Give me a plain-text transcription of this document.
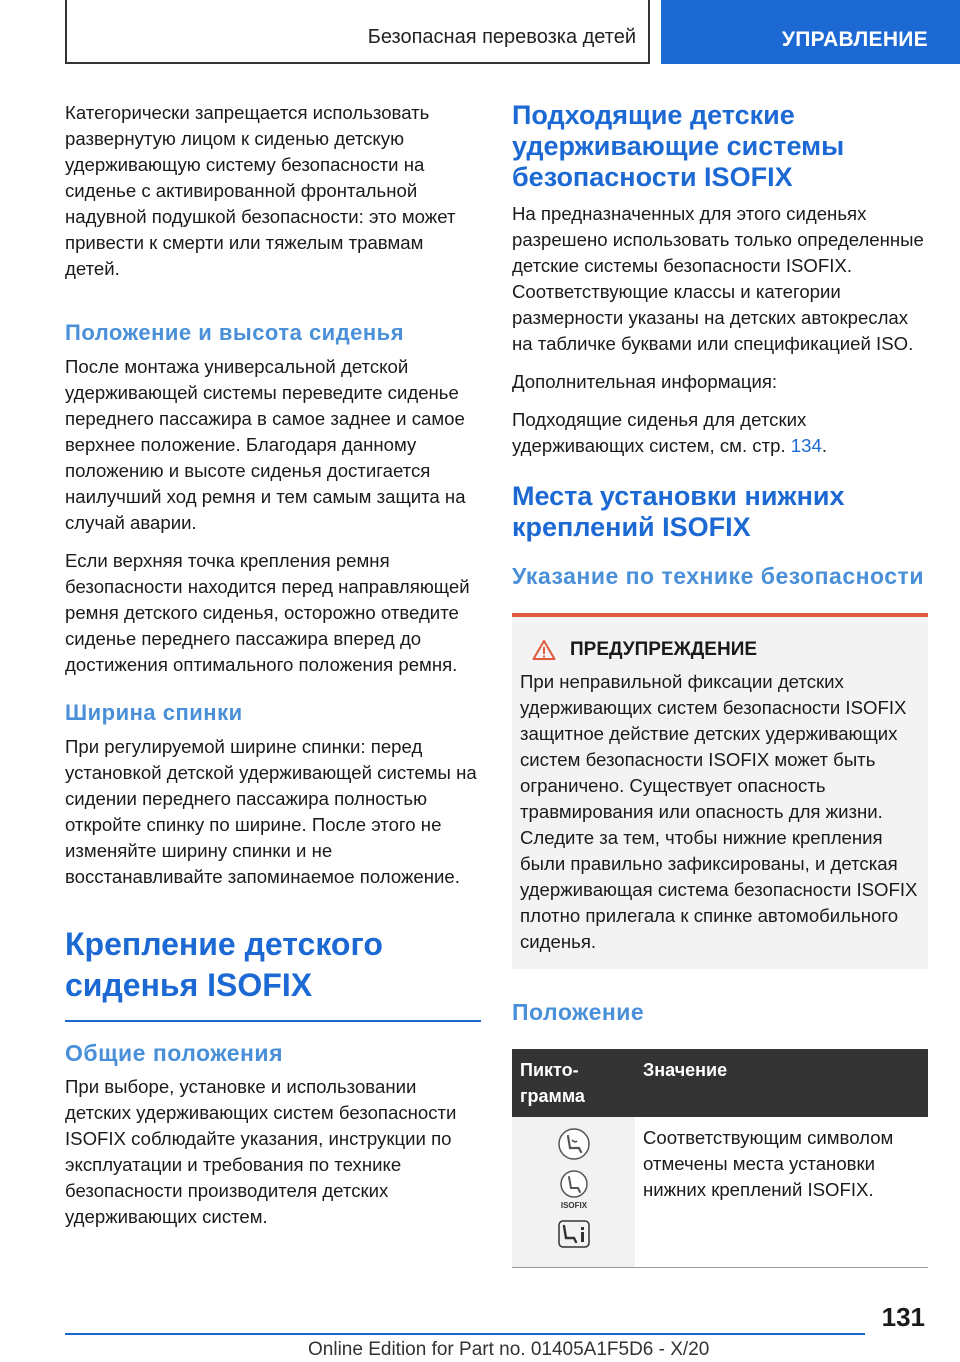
Безопасная перевозка детей	УПРАВЛЕНИЕ

Категорически запрещается использовать развернутую лицом к сиденью детскую удерживающую систему безопасности на сиденье с активированной фронтальной надувной подушкой безопасности: это может привести к смерти или тяжелым травмам детей.

Положение и высота сиденья

После монтажа универсальной детской удерживающей системы переведите сиденье переднего пассажира в самое заднее и самое верхнее положение. Благодаря данному положению и высоте сиденья достигается наилучший ход ремня и тем самым защита на случай аварии.

Если верхняя точка крепления ремня безопасности находится перед направляющей ремня детского сиденья, осторожно отведите сиденье переднего пассажира вперед до достижения оптимального положения ремня.

Ширина спинки

При регулируемой ширине спинки: перед установкой детской удерживающей системы на сидении переднего пассажира полностью откройте спинку по ширине. После этого не изменяйте ширину спинки и не восстанавливайте запоминаемое положение.

Крепление детского
сиденья ISOFIX
Общие положения

При выборе, установке и использовании детских удерживающих систем безопасности ISOFIX соблюдайте указания, инструкции по эксплуатации и требования по технике безопасности производителя детских удерживающих систем.

Подходящие детские удерживающие системы безопасности ISOFIX

На предназначенных для этого сиденьях разрешено использовать только определенные детские системы безопасности ISOFIX. Соответствующие классы и категории размерности указаны на детских автокреслах на табличке буквами или спецификацией ISO.

Дополнительная информация:

Подходящие сиденья для детских удерживающих систем, см. стр. 134.

Места установки нижних креплений ISOFIX
Указание по технике безопасности
ПРЕДУПРЕЖДЕНИЕ

При неправильной фиксации детских удерживающих систем безопасности ISOFIX защитное действие детских удерживающих систем безопасности ISOFIX может быть ограничено. Существует опасность травмирования или опасность для жизни. Следите за тем, чтобы нижние крепления были правильно зафиксированы, и детская удерживающая система безопасности ISOFIX плотно прилегала к спинке автомобильного сиденья.

Положение
Пикто-грамма	Значение

ISOFIX	Соответствующим символом отмечены места установки нижних креплений ISOFIX.
131
Online Edition for Part no. 01405A1F5D6 - X/20
